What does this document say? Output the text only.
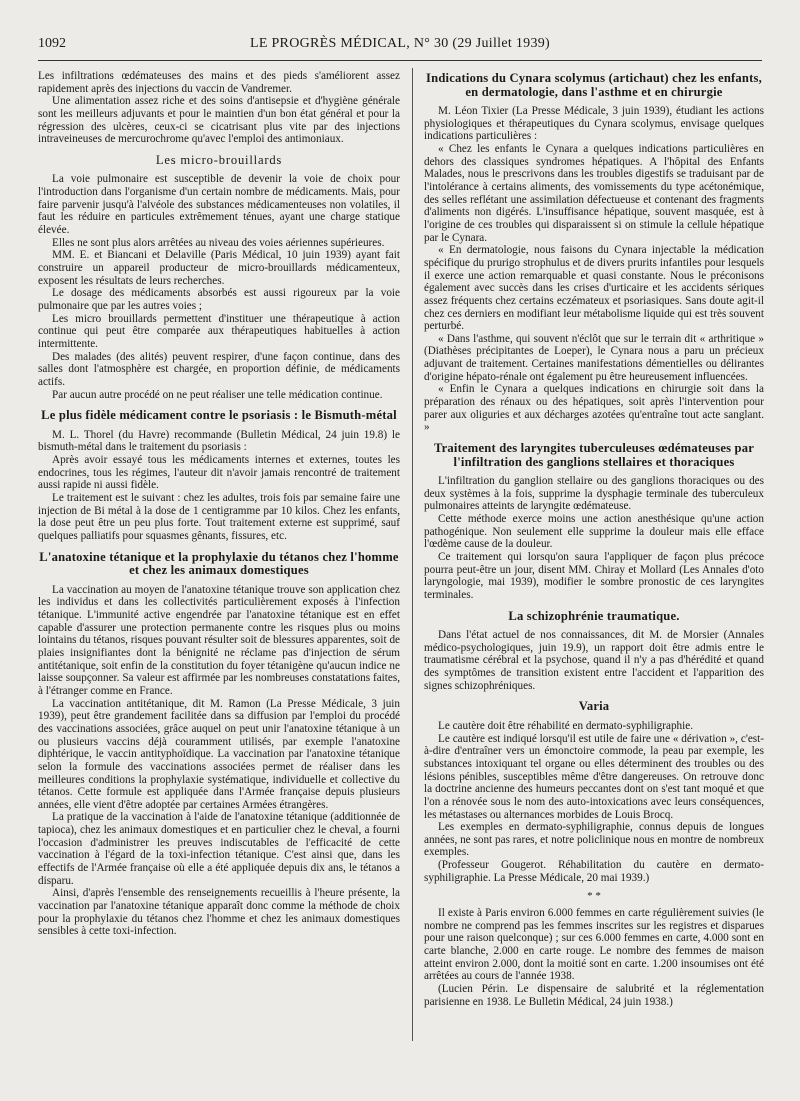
1092	LE PROGRÈS MÉDICAL, N° 30 (29 Juillet 1939)

Les infiltrations œdémateuses des mains et des pieds s'améliorent assez rapidement après des injections du vaccin de Vandremer.

Une alimentation assez riche et des soins d'antisepsie et d'hygiène générale sont les meilleurs adjuvants et pour le maintien d'un bon état général et pour la régression des ulcères, ceux-ci se cicatrisant plus vite par des injections intraveineuses de mercurochrome qu'avec l'emploi des antimoniaux.

Les micro-brouillards

La voie pulmonaire est susceptible de devenir la voie de choix pour l'introduction dans l'organisme d'un certain nombre de médicaments. Mais, pour faire parvenir jusqu'à l'alvéole des substances médicamenteuses non volatiles, il faut les réduire en particules extrêmement ténues, ayant une charge statique élevée.

Elles ne sont plus alors arrêtées au niveau des voies aériennes supérieures.

MM. E. et Biancani et Delaville (Paris Médical, 10 juin 1939) ayant fait construire un appareil producteur de micro-brouillards médicamenteux, exposent les résultats de leurs recherches.

Le dosage des médicaments absorbés est aussi rigoureux par la voie pulmonaire que par les autres voies ;

Les micro brouillards permettent d'instituer une thérapeutique à action continue qui peut être comparée aux thérapeutiques habituelles à action intermittente.

Des malades (des alités) peuvent respirer, d'une façon continue, dans des salles dont l'atmosphère est chargée, en proportion définie, de médicaments actifs.

Par aucun autre procédé on ne peut réaliser une telle médication continue.

Le plus fidèle médicament contre le psoriasis : le Bismuth-métal

M. L. Thorel (du Havre) recommande (Bulletin Médical, 24 juin 19.8) le bismuth-métal dans le traitement du psoriasis :

Après avoir essayé tous les médicaments internes et externes, toutes les endocrines, tous les régimes, l'auteur dit n'avoir jamais rencontré de traitement aussi rapide ni aussi fidèle.

Le traitement est le suivant : chez les adultes, trois fois par semaine faire une injection de Bi métal à la dose de 1 centigramme par 10 kilos. Chez les enfants, la dose peut être un peu plus forte. Tout traitement externe est supprimé, sauf quelques palliatifs pour squasmes gênants, fissures, etc.

L'anatoxine tétanique et la prophylaxie du tétanos chez l'homme et chez les animaux domestiques

La vaccination au moyen de l'anatoxine tétanique trouve son application chez les individus et dans les collectivités particulièrement exposés à l'infection tétanique. L'immunité active engendrée par l'anatoxine tétanique est en effet capable d'assurer une protection permanente contre les risques plus ou moins lointains du tétanos, risques pouvant résulter soit de blessures apparentes, soit de plaies insignifiantes dont la bénignité ne réclame pas d'injection de sérum antitétanique, soit enfin de la constitution du foyer tétanigène qu'aucun indice ne laisse soupçonner. Sa valeur est affirmée par les nombreuses constatations faites, à l'étranger comme en France.

La vaccination antitétanique, dit M. Ramon (La Presse Médicale, 3 juin 1939), peut être grandement facilitée dans sa diffusion par l'emploi du procédé des vaccinations associées, grâce auquel on peut unir l'anatoxine tétanique à un ou plusieurs vaccins déjà couramment utilisés, par exemple l'anatoxine diphtérique, le vaccin antityphoïdique. La vaccination par l'anatoxine tétanique selon la formule des vaccinations associées permet de réaliser dans les meilleures conditions la prophylaxie systématique, individuelle et collective du tétanos. Cette formule est appliquée dans l'Armée française depuis plusieurs années, elle vient d'être adoptée par certaines Armées étrangères.

La pratique de la vaccination à l'aide de l'anatoxine tétanique (additionnée de tapioca), chez les animaux domestiques et en particulier chez le cheval, a fourni l'occasion d'administrer les preuves indiscutables de l'efficacité de cette vaccination à l'égard de la toxi-infection tétanique. C'est ainsi que, dans les effectifs de l'Armée française où elle a été appliquée depuis dix ans, le tétanos a disparu.

Ainsi, d'après l'ensemble des renseignements recueillis à l'heure présente, la vaccination par l'anatoxine tétanique apparaît donc comme la méthode de choix pour la prophylaxie du tétanos chez l'homme et chez les animaux domestiques sensibles à cette toxi-infection.

Indications du Cynara scolymus (artichaut) chez les enfants, en dermatologie, dans l'asthme et en chirurgie

M. Léon Tixier (La Presse Médicale, 3 juin 1939), étudiant les actions physiologiques et thérapeutiques du Cynara scolymus, envisage quelques indications particulières :

« Chez les enfants le Cynara a quelques indications particulières en dehors des classiques syndromes hépatiques. A l'hôpital des Enfants Malades, nous le prescrivons dans les troubles digestifs se traduisant par de l'intolérance à certains aliments, des vomissements du type acétonémique, des selles reflétant une assimilation défectueuse et contenant des fragments d'aliments non digérés. L'insuffisance hépatique, souvent masquée, est à l'origine de ces troubles qui disparaissent si on stimule la cellule hépatique par le Cynara.

« En dermatologie, nous faisons du Cynara injectable la médication spécifique du prurigo strophulus et de divers prurits infantiles pour lesquels il exerce une action remarquable et quasi constante. Nous le préconisons également avec succès dans les crises d'urticaire et les accidents sériques assez fréquents chez certains eczémateux et psoriasiques. Sans doute agit-il chez ces derniers en modifiant leur métabolisme liquide qui est très souvent perturbé.

« Dans l'asthme, qui souvent n'éclôt que sur le terrain dit « arthritique » (Diathèses précipitantes de Loeper), le Cynara nous a paru un précieux adjuvant de traitement. Certaines manifestations démentielles ou délirantes d'origine hépato-rénale ont également pu être heureusement influencées.

« Enfin le Cynara a quelques indications en chirurgie soit dans la préparation des rénaux ou des hépatiques, soit après l'intervention pour parer aux oliguries et aux décharges azotées qu'entraîne tout acte sanglant. »

Traitement des laryngites tuberculeuses œdémateuses par l'infiltration des ganglions stellaires et thoraciques

L'infiltration du ganglion stellaire ou des ganglions thoraciques ou des deux systèmes à la fois, supprime la dysphagie terminale des tuberculeux pulmonaires atteints de laryngite œdémateuse.

Cette méthode exerce moins une action anesthésique qu'une action pathogénique. Non seulement elle supprime la douleur mais elle efface l'œdème cause de la douleur.

Ce traitement qui lorsqu'on saura l'appliquer de façon plus précoce pourra peut-être un jour, disent MM. Chiray et Mollard (Les Annales d'oto laryngologie, mai 1939), modifier le sombre pronostic de ces laryngites terminales.

La schizophrénie traumatique.

Dans l'état actuel de nos connaissances, dit M. de Morsier (Annales médico-psychologiques, juin 19.9), un rapport doit être admis entre le traumatisme cérébral et la psychose, quand il n'y a pas d'hérédité et quand des symptômes de transition existent entre l'accident et l'apparition des signes schizophréniques.

Varia

Le cautère doit être réhabilité en dermato-syphiligraphie.

Le cautère est indiqué lorsqu'il est utile de faire une « dérivation », c'est-à-dire d'entraîner vers un émonctoire commode, la peau par exemple, les substances intoxiquant tel organe ou elles déterminent des troubles ou des lésions pénibles, susceptibles même d'être dangereuses. On retrouve donc la doctrine ancienne des humeurs peccantes dont on s'est tant moqué et que l'on a rénovée sous le nom des auto-intoxications avec leurs conséquences, les métastases ou alternances morbides de Louis Brocq.

Les exemples en dermato-syphiligraphie, connus depuis de longues années, ne sont pas rares, et notre policlinique nous en montre de nombreux exemples.

(Professeur Gougerot. Réhabilitation du cautère en dermato-syphiligraphie. La Presse Médicale, 20 mai 1939.)

* *

Il existe à Paris environ 6.000 femmes en carte régulièrement suivies (le nombre ne comprend pas les femmes inscrites sur les registres et disparues pour une raison quelconque) ; sur ces 6.000 femmes en carte, 4.000 sont en carte blanche, 2.000 en carte rouge. Le nombre des femmes de maison atteint environ 2.000, dont la moitié sont en carte. 1.200 insoumises ont été arrêtées au cours de l'année 1938.

(Lucien Périn. Le dispensaire de salubrité et la réglementation parisienne en 1938. Le Bulletin Médical, 24 juin 1938.)
